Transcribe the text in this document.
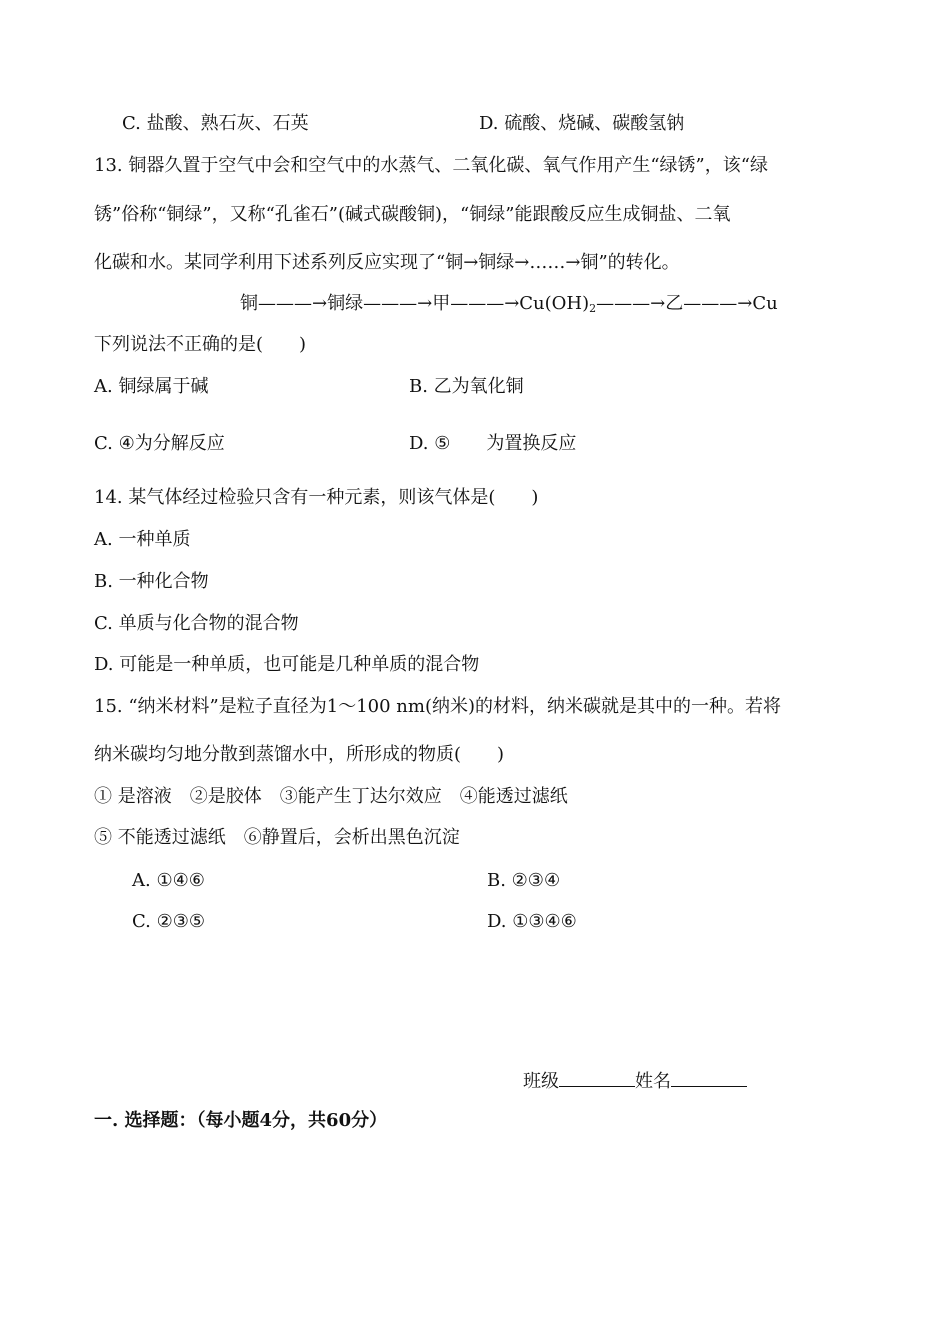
C. 盐酸、熟石灰、石英	D. 硫酸、烧碱、碳酸氢钠
13. 铜器久置于空气中会和空气中的水蒸气、二氧化碳、氧气作用产生“绿锈”，该“绿
锈”俗称“铜绿”，又称“孔雀石”(碱式碳酸铜)，“铜绿”能跟酸反应生成铜盐、二氧
化碳和水。某同学利用下述系列反应实现了“铜→铜绿→……→铜”的转化。
铜———→铜绿———→甲$———\to Cu(OH)_2———\to$乙———→Cu
下列说法不正确的是(　　)
A. 铜绿属于碱	B. 乙为氧化铜
C. ④为分解反应	D. ⑤　　为置换反应
14. 某气体经过检验只含有一种元素，则该气体是(　　)
A. 一种单质
B. 一种化合物
C. 单质与化合物的混合物
D. 可能是一种单质，也可能是几种单质的混合物
15. “纳米材料”是粒子直径为1～100 nm(纳米)的材料，纳米碳就是其中的一种。若将
纳米碳均匀地分散到蒸馏水中，所形成的物质(　　)
① 是溶液　②是胶体　③能产生丁达尔效应　④能透过滤纸
⑤ 不能透过滤纸　⑥静置后，会析出黑色沉淀
A. ①④⑥	B. ②③④
C. ②③⑤	D. ①③④⑥
班级	姓名
一. 选择题：（每小题4分，共60分）
